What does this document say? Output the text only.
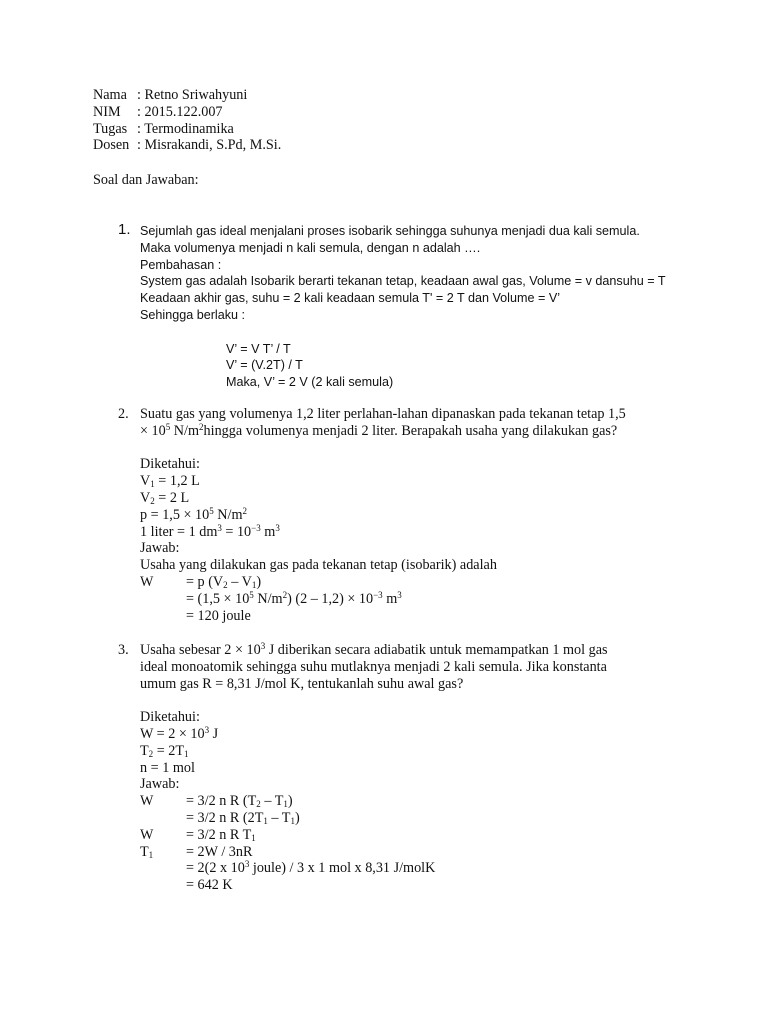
Nama : Retno Sriwahyuni
NIM	: 2015.122.007
Tugas : Termodinamika
Dosen : Misrakandi, S.Pd, M.Si.
Soal dan Jawaban:
1. Sejumlah gas ideal menjalani proses isobarik sehingga suhunya menjadi dua kali semula.
Maka volumenya menjadi n kali semula, dengan n adalah ….
Pembahasan :
System gas adalah Isobarik berarti tekanan tetap, keadaan awal gas, Volume = v dansuhu = T
Keadaan akhir gas, suhu = 2 kali keadaan semula T' = 2 T dan Volume = V’
Sehingga berlaku :
V’ = V T’ / T
V’ = (V.2T) / T
Maka, V’ = 2 V (2 kali semula)
2. Suatu gas yang volumenya 1,2 liter perlahan-lahan dipanaskan pada tekanan tetap 1,5
× $10^5$ $N/m^2hingga$ volumenya menjadi 2 liter. Berapakah usaha yang dilakukan gas?
Diketahui:
$V_1 = 1,2$ L
$V_2 = 2$ L
$p = 1,5 \times 10^5$ $N/m^2$
1 liter = 1 $dm^3 = 10^{-3}$ $m^3$
Jawab:
Usaha yang dilakukan gas pada tekanan tetap (isobarik) adalah
W	= p $(V_2 - V_1)$
= ($1,5 \times 10^5$ $N/m^2$) $(2 - 1,2) \times 10^{-3}$ $m^3$
= 120 joule
3. Usaha sebesar $2 \times 10^3$ J diberikan secara adiabatik untuk memampatkan 1 mol gas
ideal monoatomik sehingga suhu mutlaknya menjadi 2 kali semula. Jika konstanta
umum gas R = 8,31 J/mol K, tentukanlah suhu awal gas?
Diketahui:
$W = 2 \times 10^3$ J
$T_2 = 2T_1$
n = 1 mol
Jawab:
W	= 3/2 n R $(T_2 - T_1)$
= 3/2 n R $(2T_1 - T_1)$
W	= 3/2 n R $T_1$
$T_1$	= 2W / 3nR
= 2(2 x $10^3$ joule) / 3 x 1 mol x 8,31 J/molK
= 642 K
